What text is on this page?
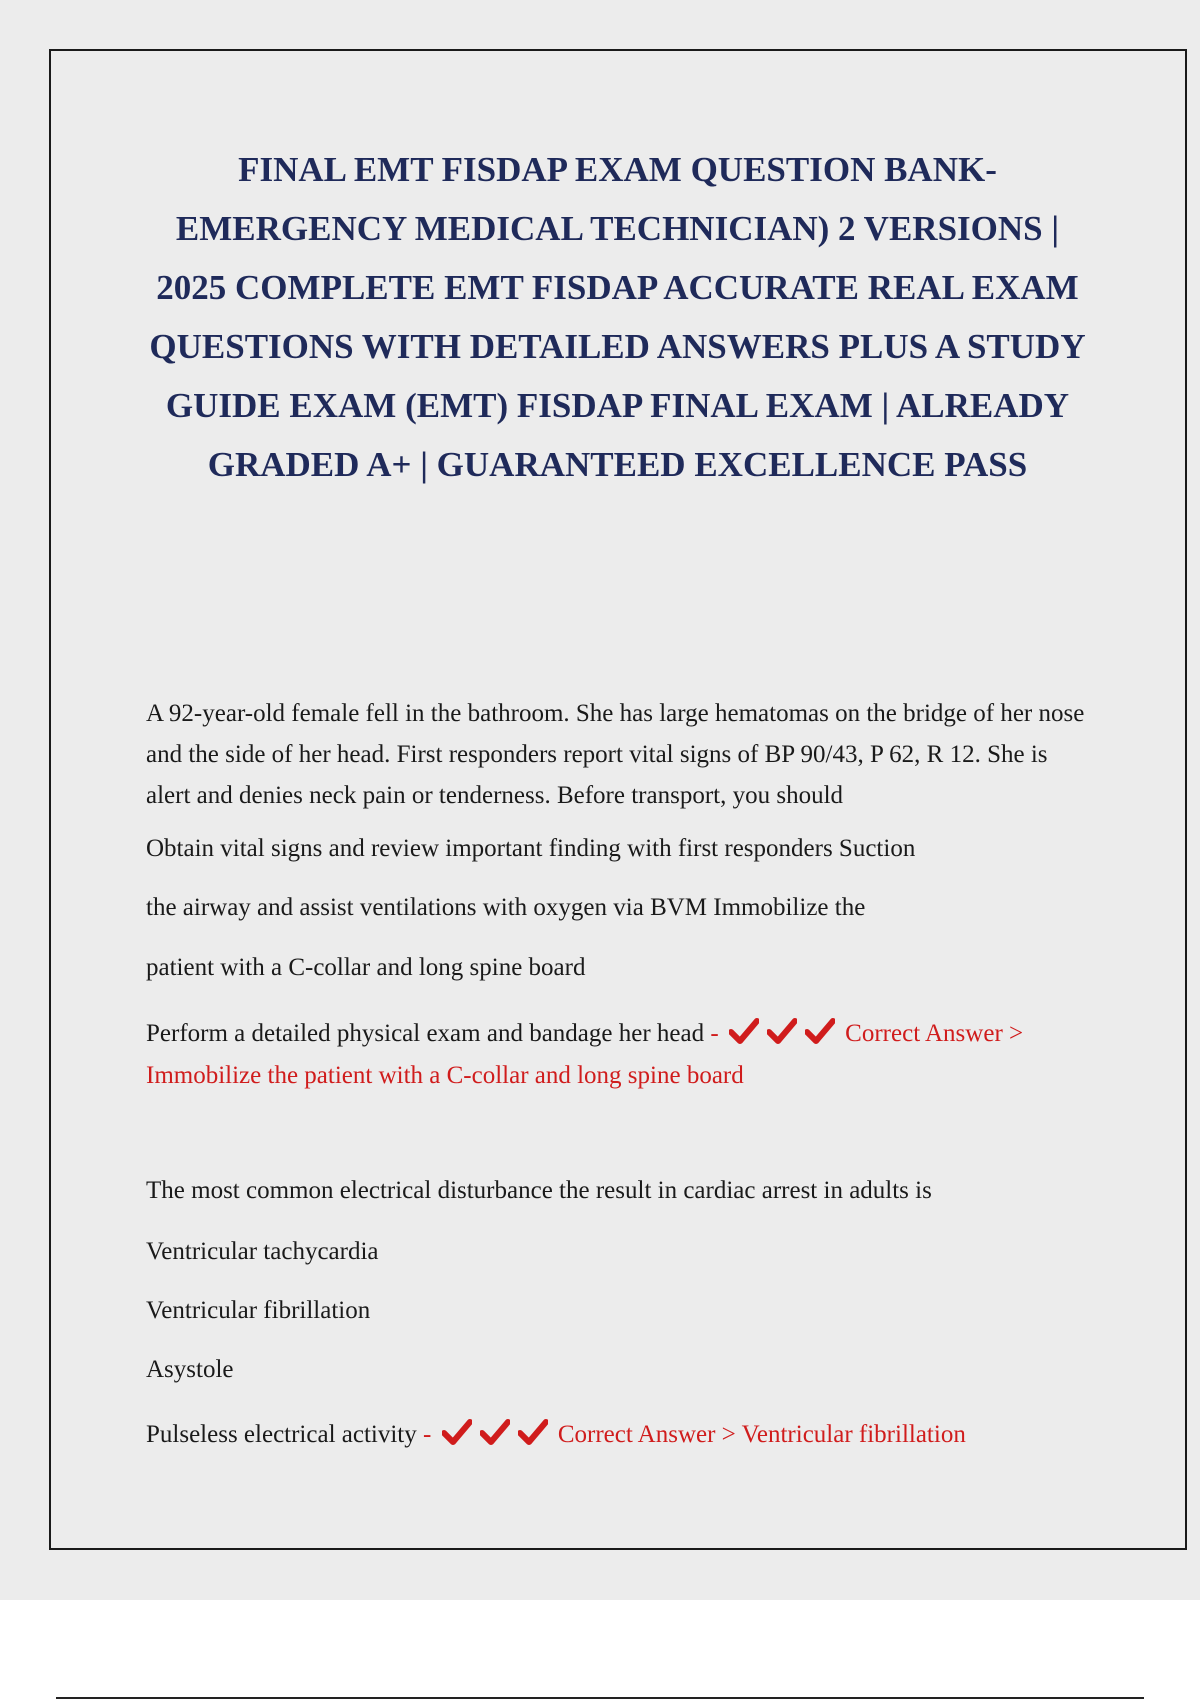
FINAL EMT FISDAP EXAM QUESTION BANK-EMERGENCY MEDICAL TECHNICIAN) 2 VERSIONS | 2025 COMPLETE EMT FISDAP ACCURATE REAL EXAM QUESTIONS WITH DETAILED ANSWERS PLUS A STUDY GUIDE EXAM (EMT) FISDAP FINAL EXAM | ALREADY GRADED A+ | GUARANTEED EXCELLENCE PASS

A 92-year-old female fell in the bathroom. She has large hematomas on the bridge of her nose and the side of her head. First responders report vital signs of BP 90/43, P 62, R 12. She is alert and denies neck pain or tenderness. Before transport, you should

Obtain vital signs and review important finding with first responders Suction

the airway and assist ventilations with oxygen via BVM Immobilize the

patient with a C-collar and long spine board

Perform a detailed physical exam and bandage her head -	Correct Answer > Immobilize the patient with a C-collar and long spine board

The most common electrical disturbance the result in cardiac arrest in adults is

Ventricular tachycardia

Ventricular fibrillation

Asystole

Pulseless electrical activity -	Correct Answer > Ventricular fibrillation
